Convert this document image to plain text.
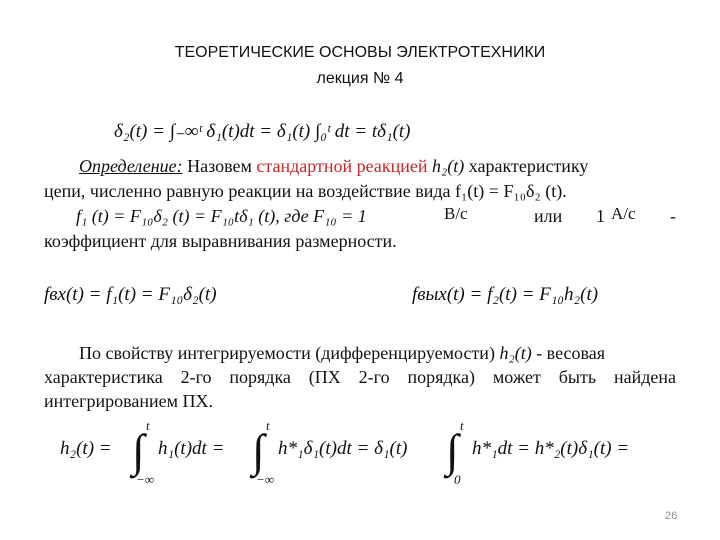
ТЕОРЕТИЧЕСКИЕ ОСНОВЫ ЭЛЕКТРОТЕХНИКИ
лекция № 4
δ₂(t) = ∫₋∞ᵗ δ₁(t)dt = δ₁(t) ∫₀ᵗ dt = tδ₁(t)
Определение: Назовем стандартной реакцией h₂(t) характеристику
цепи, численно равную реакции на воздействие вида f₁(t) = F₁₀δ₂ (t).
f₁ (t) = F₁₀δ₂ (t) = F₁₀tδ₁ (t), где F₁₀ = 1	В/с	или 1 А/с -
коэффициент для выравнивания размерности.
fвх(t) = f₁(t) = F₁₀δ₂(t)	fвых(t) = f₂(t) = F₁₀h₂(t)
По свойству интегрируемости (дифференцируемости) h₂(t) - весовая
характеристика 2-го порядка (ПХ 2-го порядка) может быть найдена
интегрированием ПХ.
h₂(t) = ∫ t
−∞
h₁(t)dt = ∫ t
−∞
h*₁δ₁(t)dt = δ₁(t) ∫ t
0
h*₁dt = h*₂(t)δ₁(t) =
26
